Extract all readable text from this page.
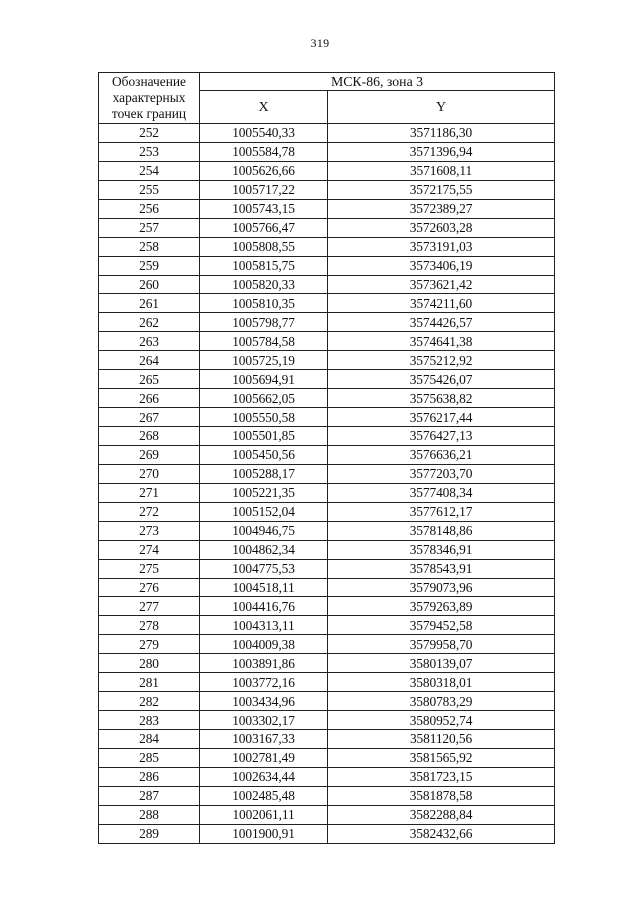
319
Обозначение характерных точек границ	МСК-86, зона 3	
	X	Y
252	1005540,33	3571186,30
253	1005584,78	3571396,94
254	1005626,66	3571608,11
255	1005717,22	3572175,55
256	1005743,15	3572389,27
257	1005766,47	3572603,28
258	1005808,55	3573191,03
259	1005815,75	3573406,19
260	1005820,33	3573621,42
261	1005810,35	3574211,60
262	1005798,77	3574426,57
263	1005784,58	3574641,38
264	1005725,19	3575212,92
265	1005694,91	3575426,07
266	1005662,05	3575638,82
267	1005550,58	3576217,44
268	1005501,85	3576427,13
269	1005450,56	3576636,21
270	1005288,17	3577203,70
271	1005221,35	3577408,34
272	1005152,04	3577612,17
273	1004946,75	3578148,86
274	1004862,34	3578346,91
275	1004775,53	3578543,91
276	1004518,11	3579073,96
277	1004416,76	3579263,89
278	1004313,11	3579452,58
279	1004009,38	3579958,70
280	1003891,86	3580139,07
281	1003772,16	3580318,01
282	1003434,96	3580783,29
283	1003302,17	3580952,74
284	1003167,33	3581120,56
285	1002781,49	3581565,92
286	1002634,44	3581723,15
287	1002485,48	3581878,58
288	1002061,11	3582288,84
289	1001900,91	3582432,66
